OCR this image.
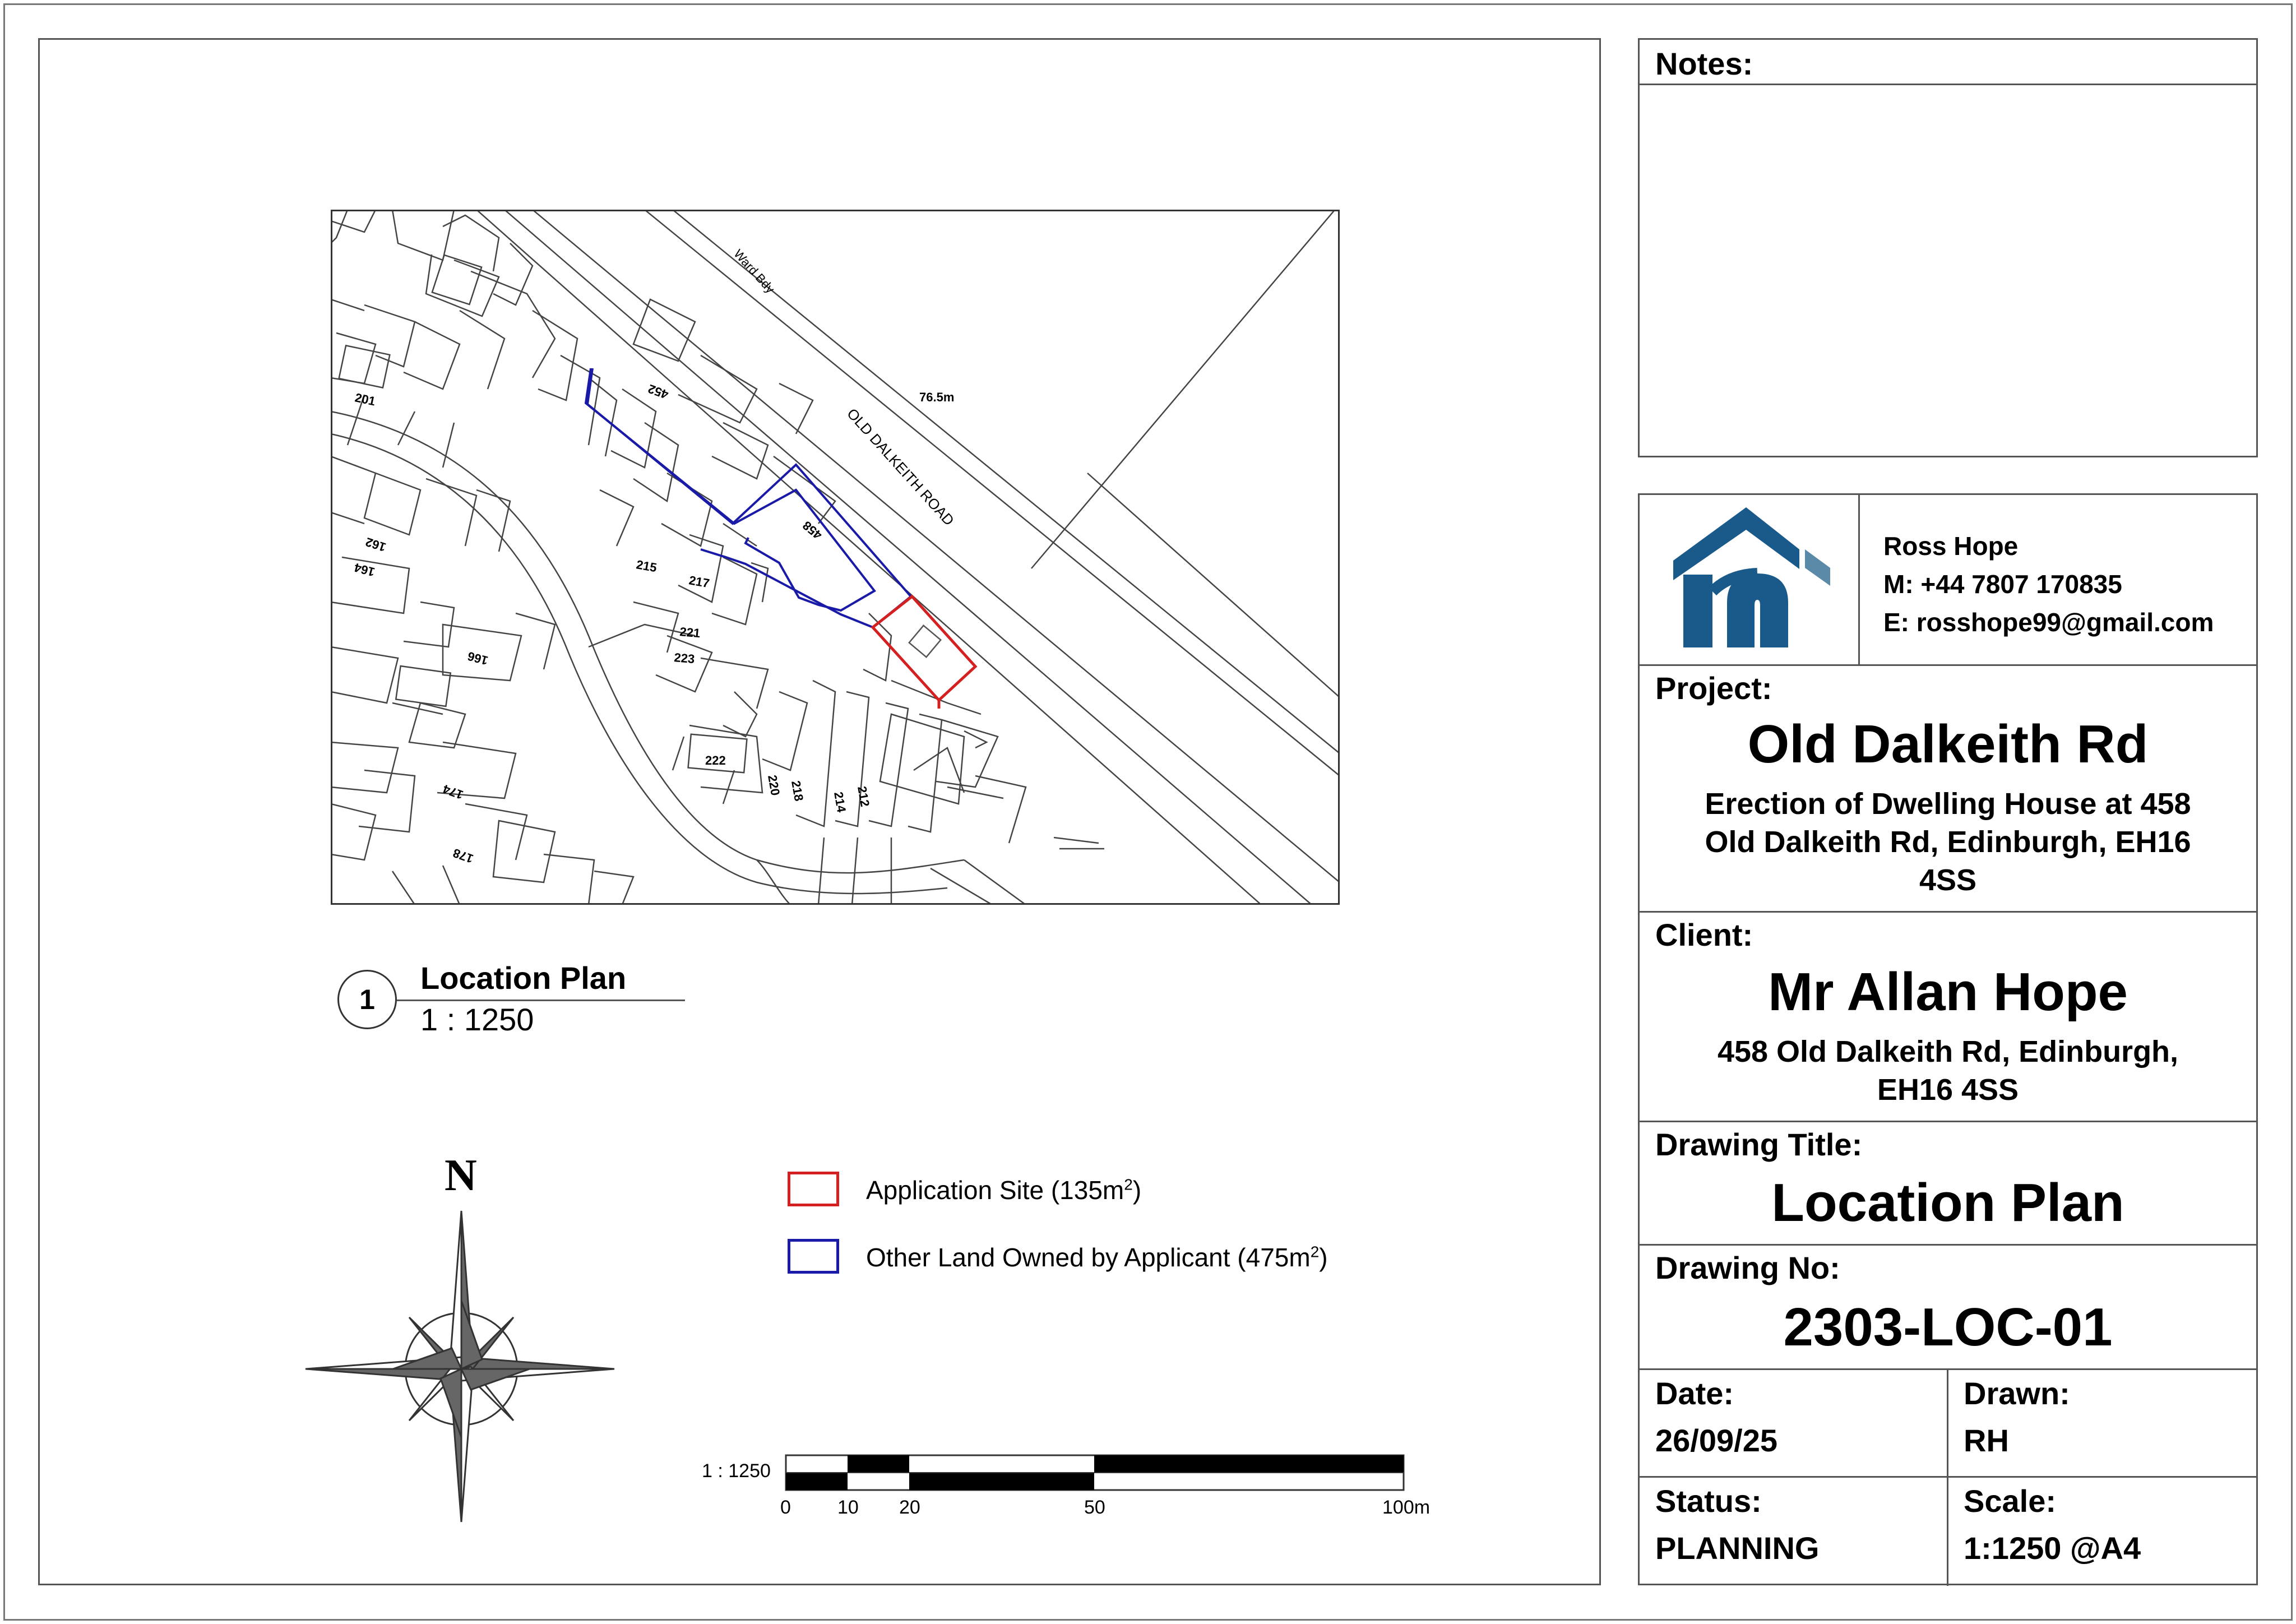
OLD DALKEITH ROAD
Ward Bdy
76.5m
201	452
458
162
164	215
217
221
223
166
222
220 218 214 212
174
178
1
Location Plan
1 : 1250
N	Application Site $(135m^2)$
Other Land Owned by Applicant $(475m^2)$
1 : 1250
0 10 20	50	100m
Notes:
Ross Hope
M: +44 7807 170835
E: rosshope99@gmail.com
Project:
Old Dalkeith Rd
Erection of Dwelling House at 458
Old Dalkeith Rd, Edinburgh, EH16
4SS
Client:
Mr Allan Hope
458 Old Dalkeith Rd, Edinburgh,
EH16 4SS
Drawing Title:
Location Plan
Drawing No:
2303-LOC-01
Date:
26/09/25
Drawn:
RH
Status:
PLANNING
Scale:
1:1250 @A4
